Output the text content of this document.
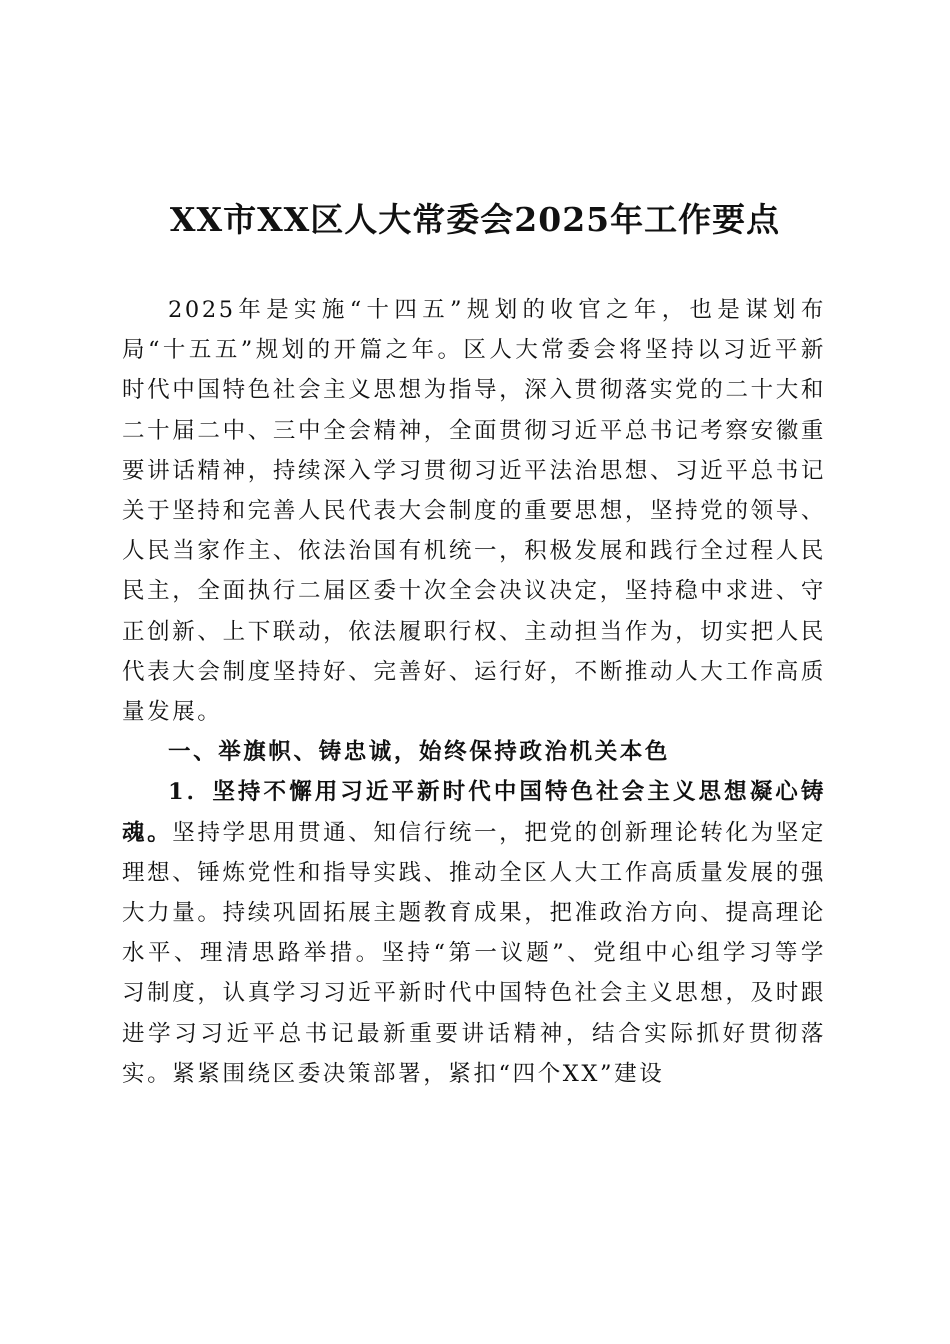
XX市XX区人大常委会2025年工作要点

2025年是实施“十四五”规划的收官之年，也是谋划布局“十五五”规划的开篇之年。区人大常委会将坚持以习近平新时代中国特色社会主义思想为指导，深入贯彻落实党的二十大和二十届二中、三中全会精神，全面贯彻习近平总书记考察安徽重要讲话精神，持续深入学习贯彻习近平法治思想、习近平总书记关于坚持和完善人民代表大会制度的重要思想，坚持党的领导、人民当家作主、依法治国有机统一，积极发展和践行全过程人民民主，全面执行二届区委十次全会决议决定，坚持稳中求进、守正创新、上下联动，依法履职行权、主动担当作为，切实把人民代表大会制度坚持好、完善好、运行好，不断推动人大工作高质量发展。

一、举旗帜、铸忠诚，始终保持政治机关本色

1．坚持不懈用习近平新时代中国特色社会主义思想凝心铸魂。坚持学思用贯通、知信行统一，把党的创新理论转化为坚定理想、锤炼党性和指导实践、推动全区人大工作高质量发展的强大力量。持续巩固拓展主题教育成果，把准政治方向、提高理论水平、理清思路举措。坚持“第一议题”、党组中心组学习等学习制度，认真学习习近平新时代中国特色社会主义思想，及时跟进学习习近平总书记最新重要讲话精神，结合实际抓好贯彻落实。紧紧围绕区委决策部署，紧扣“四个XX”建设
